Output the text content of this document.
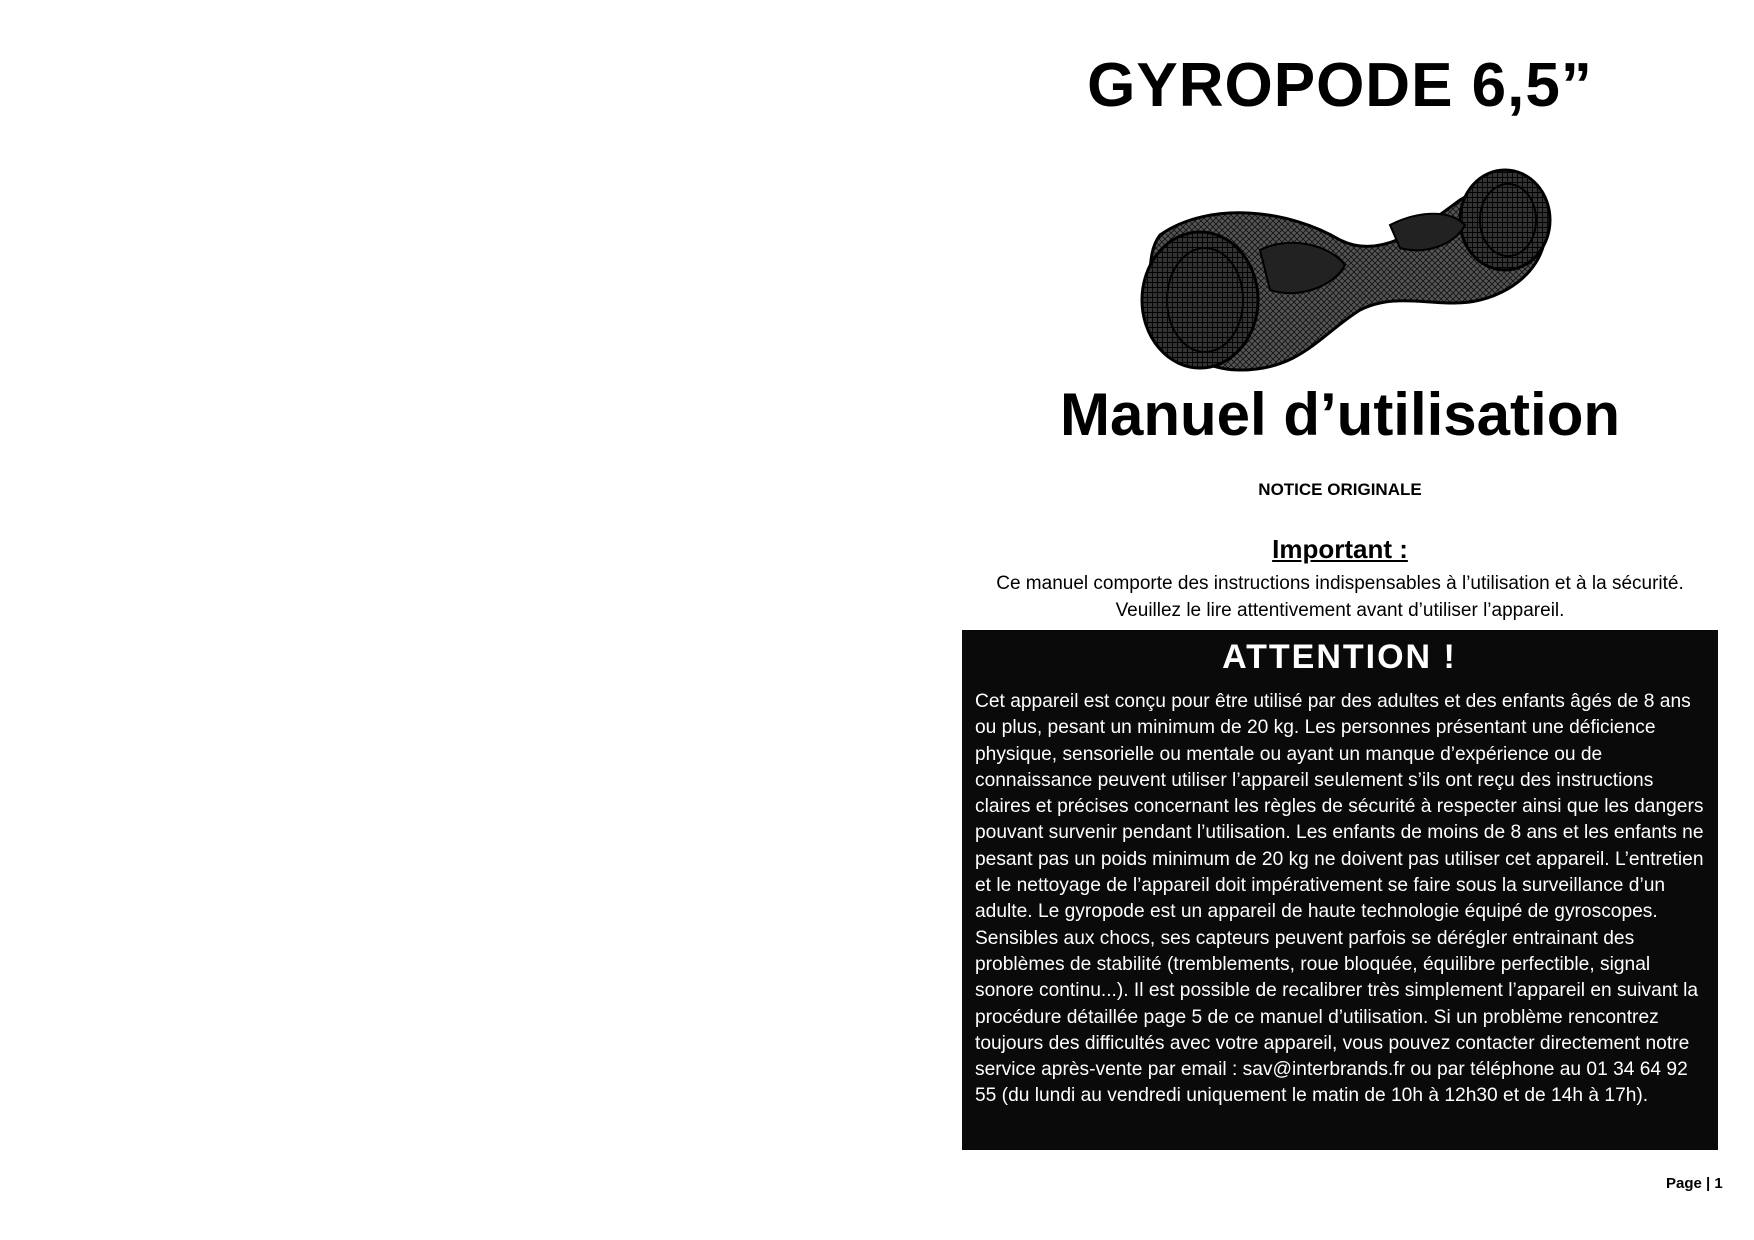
GYROPODE 6,5”
Manuel d’utilisation
NOTICE ORIGINALE
Important :
Ce manuel comporte des instructions indispensables à l’utilisation et à la sécurité.
Veuillez le lire attentivement avant d’utiliser l’appareil.
ATTENTION !

Cet appareil est conçu pour être utilisé par des adultes et des enfants âgés de 8 ans ou plus, pesant un minimum de 20 kg. Les personnes présentant une déficience physique, sensorielle ou mentale ou ayant un manque d’expérience ou de connaissance peuvent utiliser l’appareil seulement s’ils ont reçu des instructions claires et précises concernant les règles de sécurité à respecter ainsi que les dangers pouvant survenir pendant l’utilisation. Les enfants de moins de 8 ans et les enfants ne pesant pas un poids minimum de 20 kg ne doivent pas utiliser cet appareil. L’entretien et le nettoyage de l’appareil doit impérativement se faire sous la surveillance d’un adulte. Le gyropode est un appareil de haute technologie équipé de gyroscopes. Sensibles aux chocs, ses capteurs peuvent parfois se dérégler entrainant des problèmes de stabilité (tremblements, roue bloquée, équilibre perfectible, signal sonore continu...). Il est possible de recalibrer très simplement l’appareil en suivant la procédure détaillée page 5 de ce manuel d’utilisation. Si un problème rencontrez toujours des difficultés avec votre appareil, vous pouvez contacter directement notre service après-vente par email : sav@interbrands.fr ou par téléphone au 01 34 64 92 55 (du lundi au vendredi uniquement le matin de 10h à 12h30 et de 14h à 17h).

Page | 1
